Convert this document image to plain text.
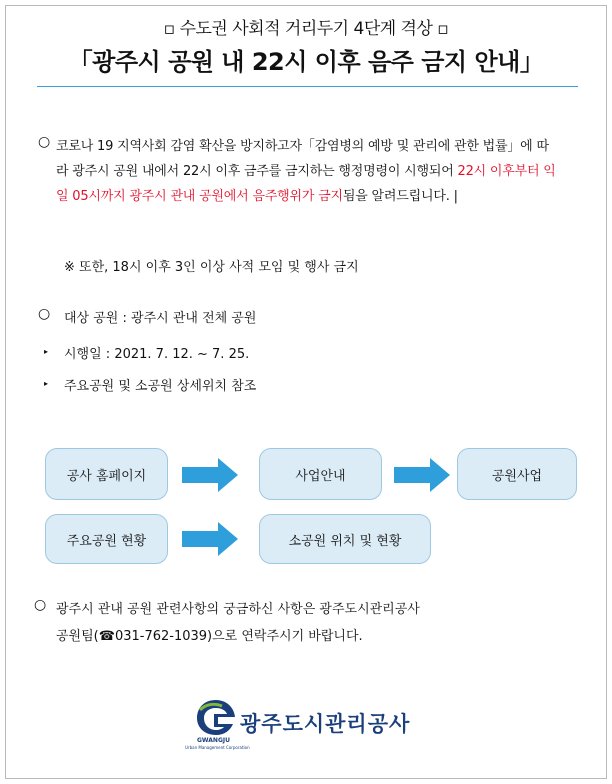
▫ 수도권 사회적 거리두기 4단계 격상 ▫
「광주시 공원 내 22시 이후 음주 금지 안내」
○ 코로나 19 지역사회 감염 확산을 방지하고자「감염병의 예방 및 관리에 관한 법률」에 따라 광주시 공원 내에서 22시 이후 금주를 금지하는 행정명령이 시행되어 22시 이후부터 익일 05시까지 광주시 관내 공원에서 음주행위가 금지됨을 알려드립니다. |
※ 또한, 18시 이후 3인 이상 사적 모임 및 행사 금지
○ 대상 공원 : 광주시 관내 전체 공원
▸ 시행일 : 2021. 7. 12. ~ 7. 25.
▸ 주요공원 및 소공원 상세위치 참조
공사 홈페이지	사업안내	공원사업
주요공원 현황	소공원 위치 및 현황
○ 광주시 관내 공원 관련사항의 궁금하신 사항은 광주도시관리공사
공원팀(☎031-762-1039)으로 연락주시기 바랍니다.
광주도시관리공사
GWANGJU
Urban Management Corporation
